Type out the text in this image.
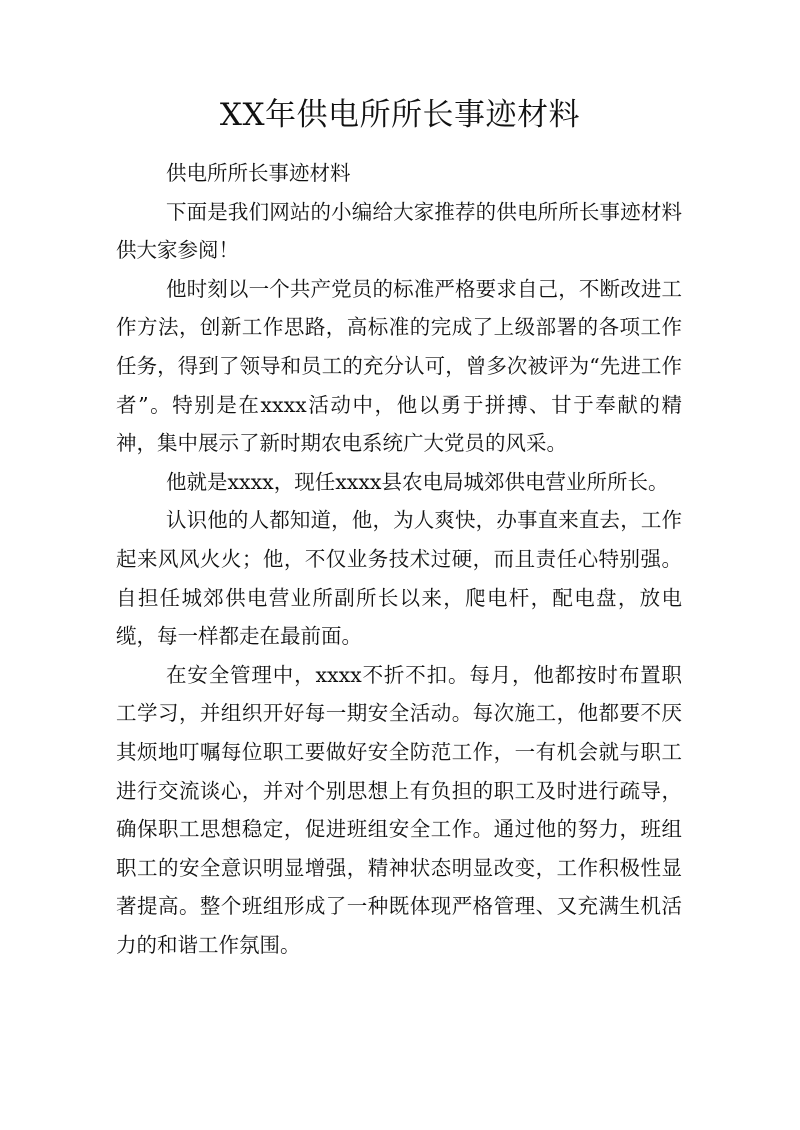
XX年供电所所长事迹材料

供电所所长事迹材料

下面是我们网站的小编给大家推荐的供电所所长事迹材料供大家参阅！

他时刻以一个共产党员的标准严格要求自己，不断改进工作方法，创新工作思路，高标准的完成了上级部署的各项工作任务，得到了领导和员工的充分认可，曾多次被评为“先进工作者”。特别是在xxxx活动中，他以勇于拼搏、甘于奉献的精神，集中展示了新时期农电系统广大党员的风采。

他就是xxxx，现任xxxx县农电局城郊供电营业所所长。

认识他的人都知道，他，为人爽快，办事直来直去，工作起来风风火火；他，不仅业务技术过硬，而且责任心特别强。自担任城郊供电营业所副所长以来，爬电杆，配电盘，放电缆，每一样都走在最前面。

在安全管理中，xxxx不折不扣。每月，他都按时布置职工学习，并组织开好每一期安全活动。每次施工，他都要不厌其烦地叮嘱每位职工要做好安全防范工作，一有机会就与职工进行交流谈心，并对个别思想上有负担的职工及时进行疏导，确保职工思想稳定，促进班组安全工作。通过他的努力，班组职工的安全意识明显增强，精神状态明显改变，工作积极性显著提高。整个班组形成了一种既体现严格管理、又充满生机活力的和谐工作氛围。
